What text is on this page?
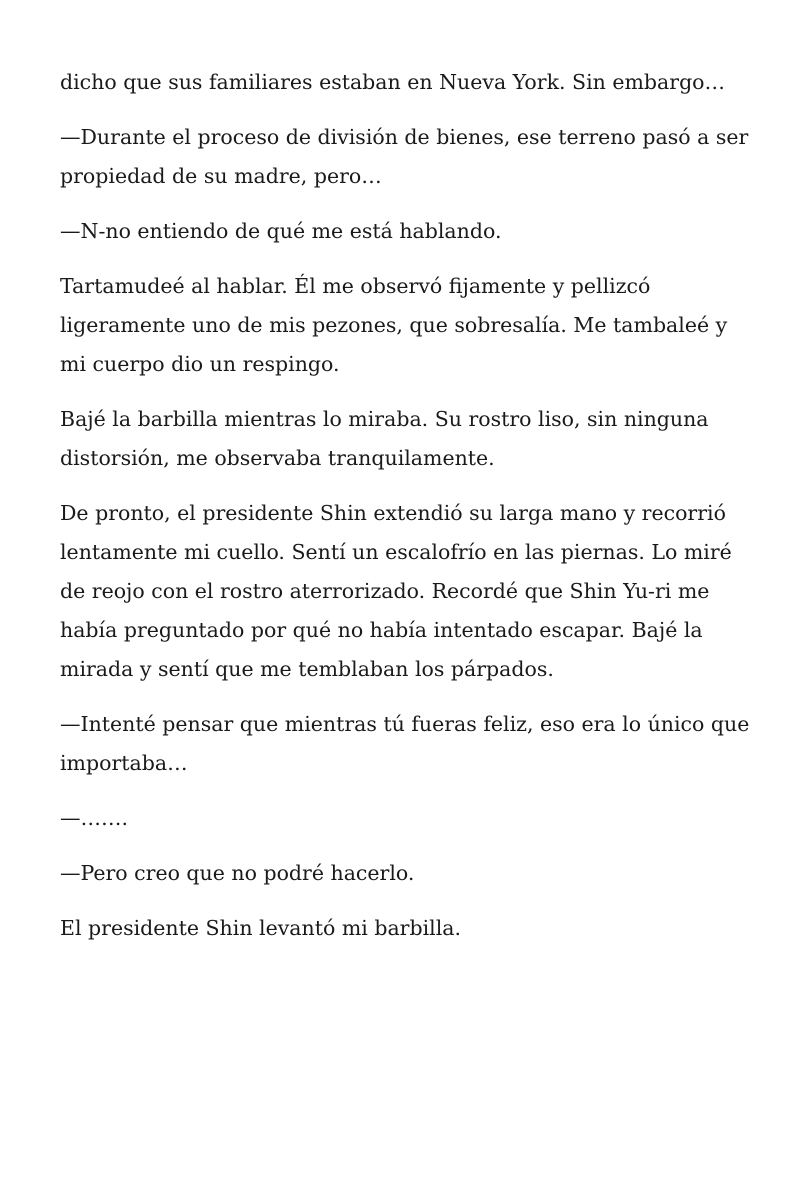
dicho que sus familiares estaban en Nueva York. Sin embargo…

—Durante el proceso de división de bienes, ese terreno pasó a ser propiedad de su madre, pero…

—N-no entiendo de qué me está hablando.

Tartamudeé al hablar. Él me observó fijamente y pellizcó ligeramente uno de mis pezones, que sobresalía. Me tambaleé y mi cuerpo dio un respingo.

Bajé la barbilla mientras lo miraba. Su rostro liso, sin ninguna distorsión, me observaba tranquilamente.

De pronto, el presidente Shin extendió su larga mano y recorrió lentamente mi cuello. Sentí un escalofrío en las piernas. Lo miré de reojo con el rostro aterrorizado. Recordé que Shin Yu-ri me había preguntado por qué no había intentado escapar. Bajé la mirada y sentí que me temblaban los párpados.

—Intenté pensar que mientras tú fueras feliz, eso era lo único que importaba…

—…….

—Pero creo que no podré hacerlo.

El presidente Shin levantó mi barbilla.
